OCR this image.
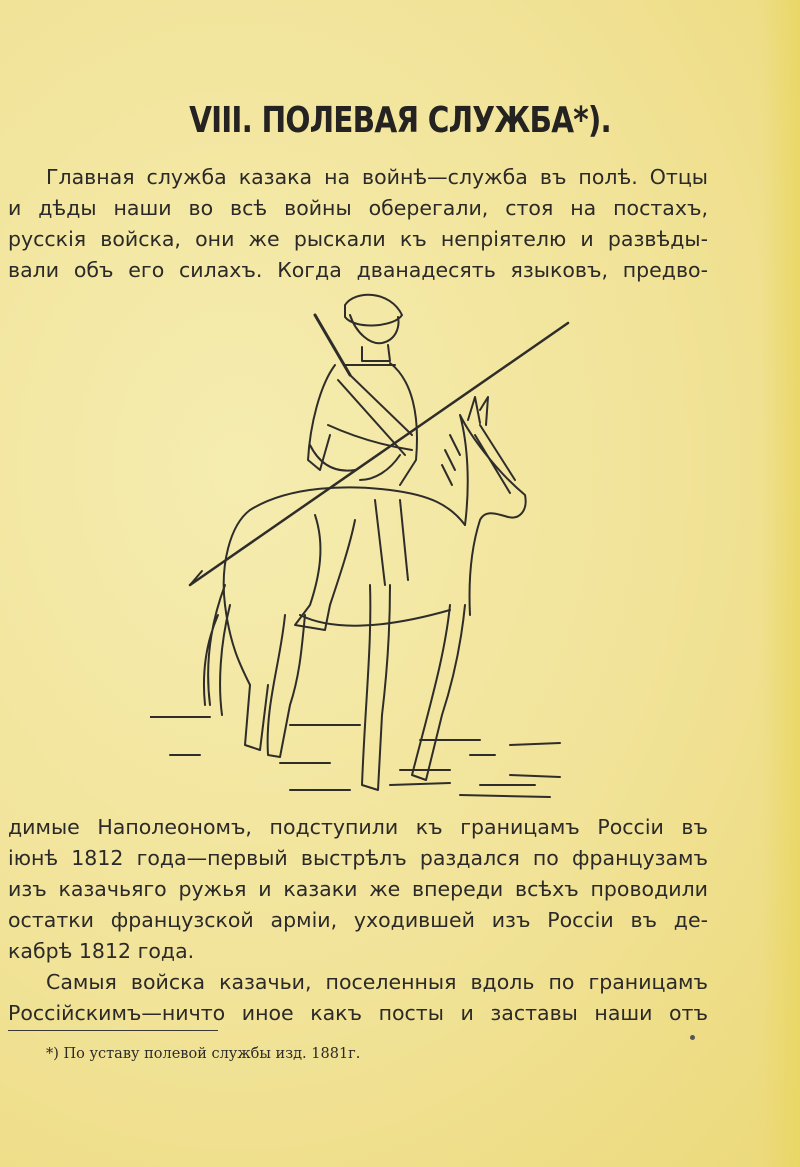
VIII. ПОЛЕВАЯ СЛУЖБА*).
Главная служба казака на войнѣ—служба въ полѣ. Отцы
и дѣды наши во всѣ войны оберегали, стоя на постахъ,
русскія войска, они же рыскали къ непріятелю и развѣды-
вали объ его силахъ. Когда дванадесять языковъ, предво-
димые Наполеономъ, подступили къ границамъ Россіи въ
іюнѣ 1812 года—первый выстрѣлъ раздался по французамъ
изъ казачьяго ружья и казаки же впереди всѣхъ проводили
остатки французской арміи, уходившей изъ Россіи въ де-
кабрѣ 1812 года.
Самыя войска казачьи, поселенныя вдоль по границамъ
Россійскимъ—ничто иное какъ посты и заставы наши отъ

*) По уставу полевой службы изд. 1881г.
